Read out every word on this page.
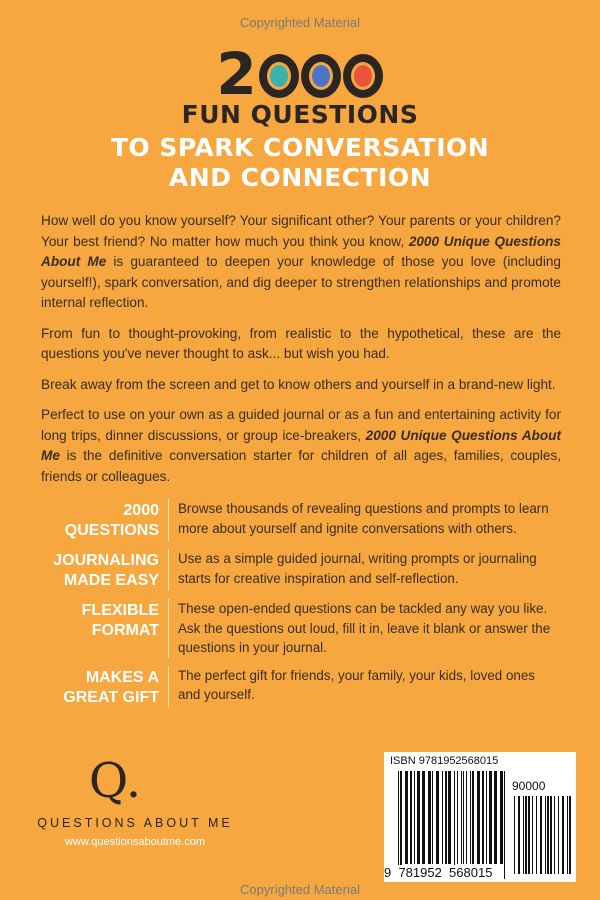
Copyrighted Material
2
FUN QUESTIONS
TO SPARK CONVERSATION
AND CONNECTION

How well do you know yourself? Your significant other? Your parents or your children? Your best friend? No matter how much you think you know, 2000 Unique Questions About Me is guaranteed to deepen your knowledge of those you love (including yourself!), spark conversation, and dig deeper to strengthen relationships and promote internal reflection.

From fun to thought-provoking, from realistic to the hypothetical, these are the questions you've never thought to ask... but wish you had.

Break away from the screen and get to know others and yourself in a brand-new light.

Perfect to use on your own as a guided journal or as a fun and entertaining activity for long trips, dinner discussions, or group ice-breakers, 2000 Unique Questions About Me is the definitive conversation starter for children of all ages, families, couples, friends or colleagues.

2000
QUESTIONS
Browse thousands of revealing questions and prompts to learn more about yourself and ignite conversations with others.
JOURNALING
MADE EASY
Use as a simple guided journal, writing prompts or journaling starts for creative inspiration and self-reflection.
FLEXIBLE
FORMAT
These open-ended questions can be tackled any way you like. Ask the questions out loud, fill it in, leave it blank or answer the questions in your journal.
MAKES A
GREAT GIFT
The perfect gift for friends, your family, your kids, loved ones and yourself.
Q.
QUESTIONS ABOUT ME
www.questionsaboutme.com
ISBN 9781952568015
90000
9  781952  568015
Copyrighted Material
